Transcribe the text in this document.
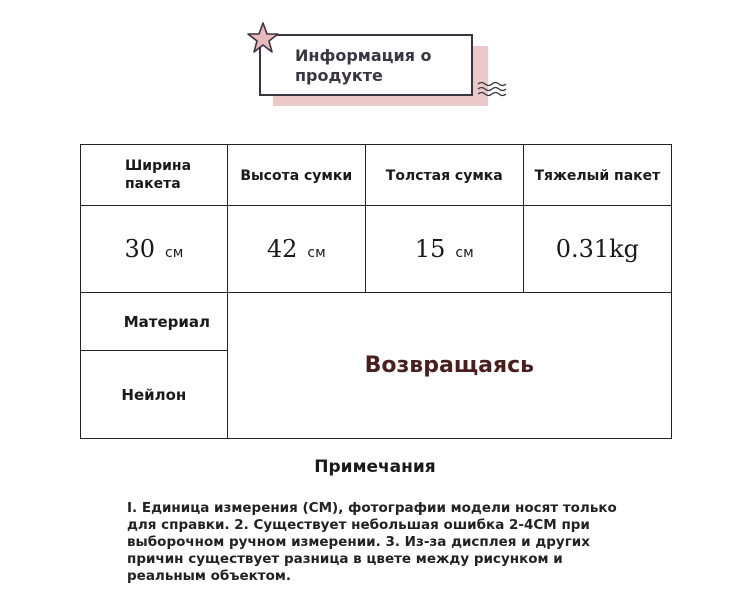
Информация о продукте
Ширина пакета	Высота сумки	Толстая сумка	Тяжелый пакет
30 см	42 см	15 см	0.31kg
Материал	Возвращаясь		
Нейлон			
Примечания
I. Единица измерения (CM), фотографии модели носят только для справки. 2. Существует небольшая ошибка 2-4CM при выборочном ручном измерении. 3. Из-за дисплея и других причин существует разница в цвете между рисунком и реальным объектом.
